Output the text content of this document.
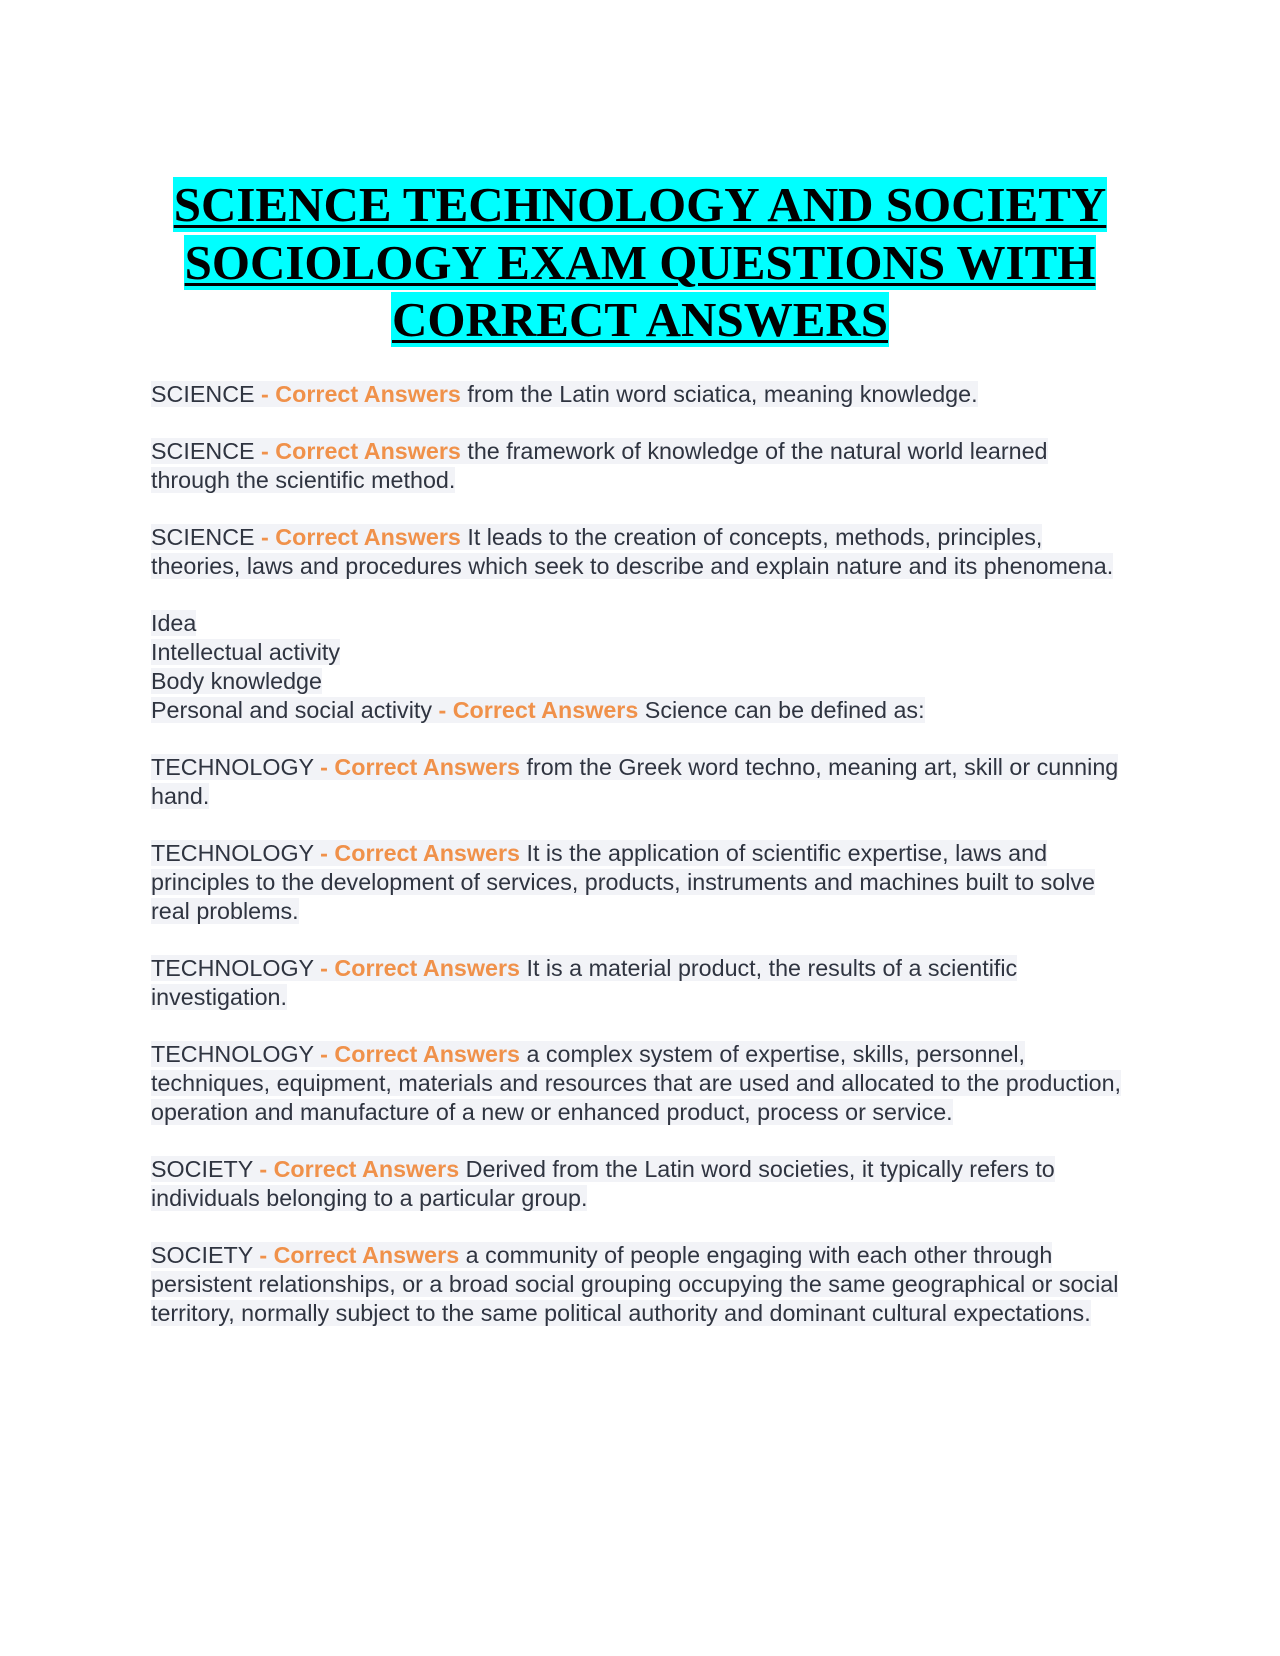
SCIENCE TECHNOLOGY AND SOCIETY
SOCIOLOGY EXAM QUESTIONS WITH
CORRECT ANSWERS

SCIENCE - Correct Answers from the Latin word sciatica, meaning knowledge.

SCIENCE - Correct Answers the framework of knowledge of the natural world learned through the scientific method.

SCIENCE - Correct Answers It leads to the creation of concepts, methods, principles, theories, laws and procedures which seek to describe and explain nature and its phenomena.

Idea
Intellectual activity
Body knowledge
Personal and social activity - Correct Answers Science can be defined as:

TECHNOLOGY - Correct Answers from the Greek word techno, meaning art, skill or cunning hand.

TECHNOLOGY - Correct Answers It is the application of scientific expertise, laws and principles to the development of services, products, instruments and machines built to solve real problems.

TECHNOLOGY - Correct Answers It is a material product, the results of a scientific investigation.

TECHNOLOGY - Correct Answers a complex system of expertise, skills, personnel, techniques, equipment, materials and resources that are used and allocated to the production, operation and manufacture of a new or enhanced product, process or service.

SOCIETY - Correct Answers Derived from the Latin word societies, it typically refers to individuals belonging to a particular group.

SOCIETY - Correct Answers a community of people engaging with each other through persistent relationships, or a broad social grouping occupying the same geographical or social territory, normally subject to the same political authority and dominant cultural expectations.
